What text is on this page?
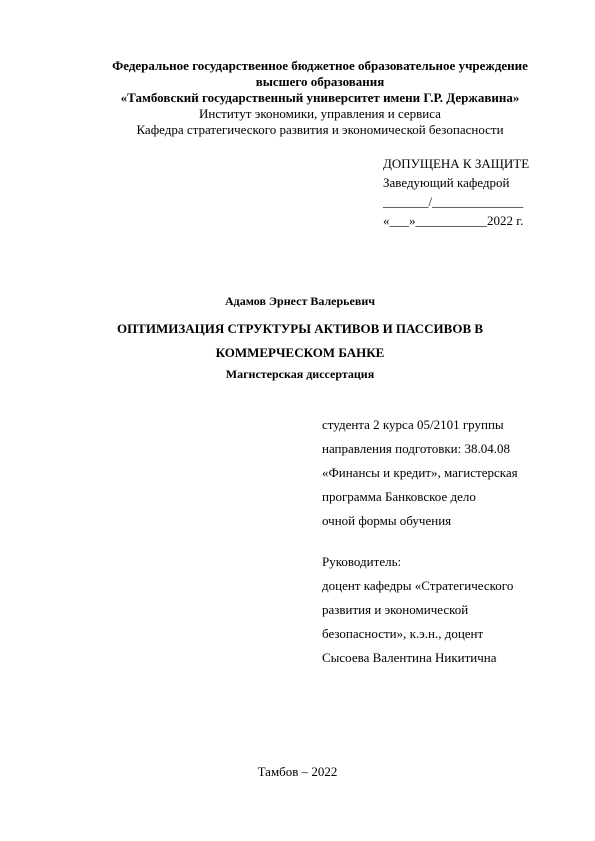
Федеральное государственное бюджетное образовательное учреждение
высшего образования
«Тамбовский государственный университет имени Г.Р. Державина»
Институт экономики, управления и сервиса
Кафедра стратегического развития и экономической безопасности
ДОПУЩЕНА К ЗАЩИТЕ
Заведующий кафедрой
_______/______________
«___»___________2022 г.
Адамов Эрнест Валерьевич
ОПТИМИЗАЦИЯ СТРУКТУРЫ АКТИВОВ И ПАССИВОВ В
КОММЕРЧЕСКОМ БАНКЕ
Магистерская диссертация
студента 2 курса 05/2101 группы
направления подготовки: 38.04.08
«Финансы и кредит», магистерская
программа Банковское дело
очной формы обучения
Руководитель:
доцент кафедры «Стратегического
развития и экономической
безопасности», к.э.н., доцент
Сысоева Валентина Никитична
Тамбов – 2022
